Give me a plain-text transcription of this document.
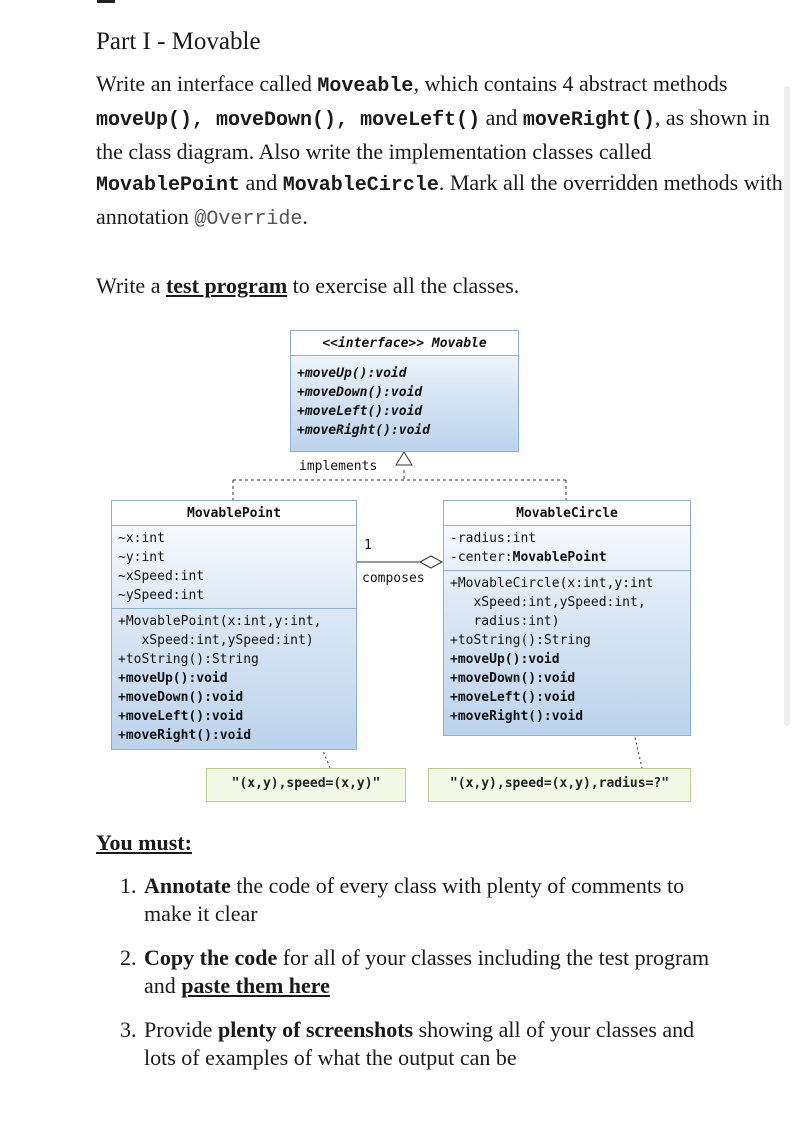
Part I - Movable

Write an interface called Moveable, which contains 4 abstract methods moveUp(), moveDown(), moveLeft() and moveRight(), as shown in the class diagram. Also write the implementation classes called MovablePoint and MovableCircle. Mark all the overridden methods with annotation @Override.

Write a test program to exercise all the classes.

<<interface>> Movable
+moveUp():void
+moveDown():void
+moveLeft():void
+moveRight():void
implements
MovablePoint
~x:int
~y:int
~xSpeed:int
~ySpeed:int
+MovablePoint(x:int,y:int,
xSpeed:int,ySpeed:int)
+toString():String
+moveUp():void
+moveDown():void
+moveLeft():void
+moveRight():void
MovableCircle
-radius:int
-center:MovablePoint
+MovableCircle(x:int,y:int
xSpeed:int,ySpeed:int,
radius:int)
+toString():String
+moveUp():void
+moveDown():void
+moveLeft():void
+moveRight():void
1
composes
"(x,y),speed=(x,y)"	"(x,y),speed=(x,y),radius=?"
You must:
1. Annotate the code of every class with plenty of comments to make it clear
2. Copy the code for all of your classes including the test program and paste them here
3. Provide plenty of screenshots showing all of your classes and lots of examples of what the output can be
